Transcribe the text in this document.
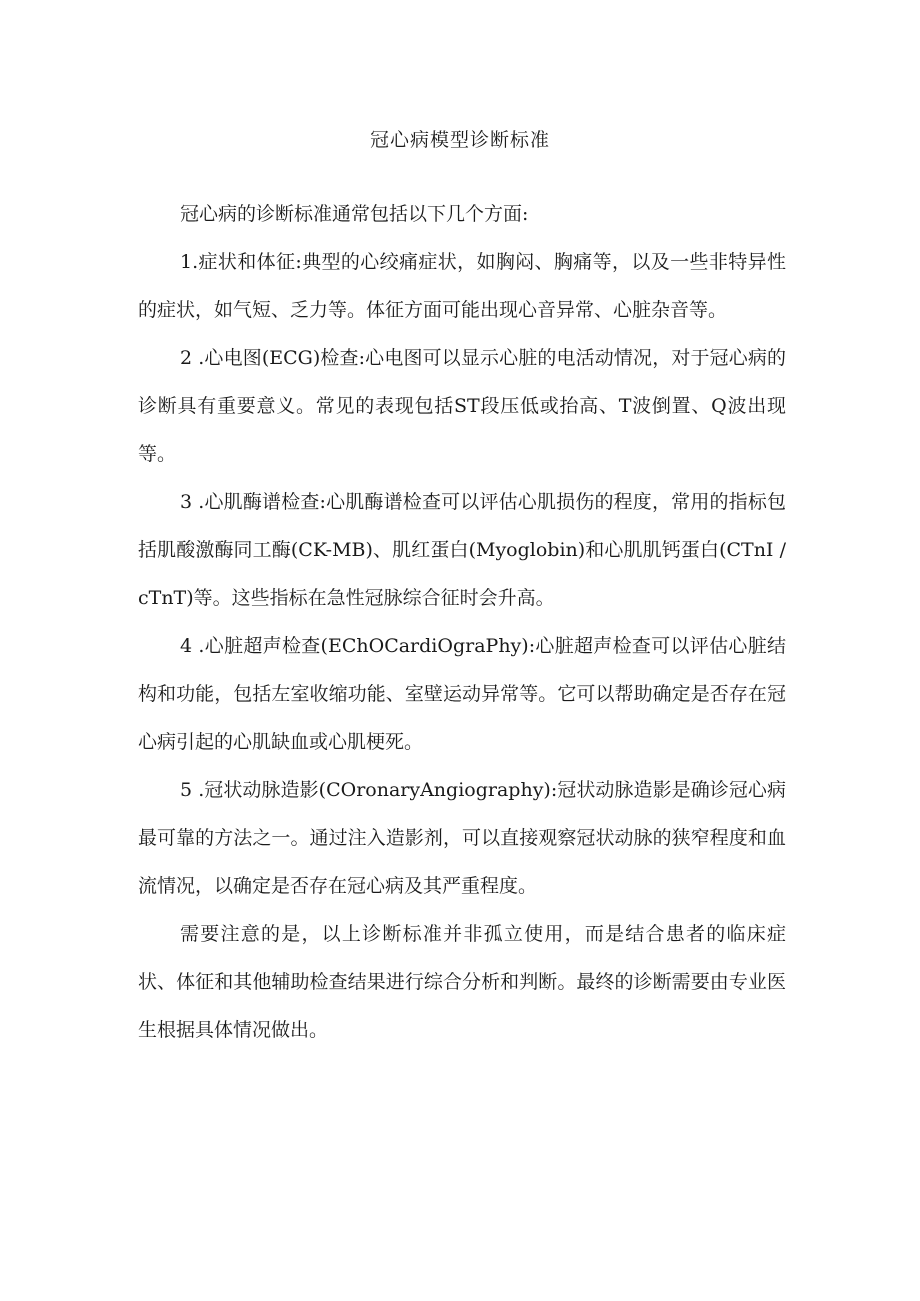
冠心病模型诊断标准

冠心病的诊断标准通常包括以下几个方面:

1.症状和体征:典型的心绞痛症状，如胸闷、胸痛等，以及一些非特异性的症状，如气短、乏力等。体征方面可能出现心音异常、心脏杂音等。

2 .心电图(ECG)检查:心电图可以显示心脏的电活动情况，对于冠心病的诊断具有重要意义。常见的表现包括ST段压低或抬高、T波倒置、Q波出现等。

3 .心肌酶谱检查:心肌酶谱检查可以评估心肌损伤的程度，常用的指标包括肌酸激酶同工酶(CK-MB)、肌红蛋白(Myoglobin)和心肌肌钙蛋白(CTnI / cTnT)等。这些指标在急性冠脉综合征时会升高。

4 .心脏超声检查(EChOCardiOgraPhy):心脏超声检查可以评估心脏结构和功能，包括左室收缩功能、室壁运动异常等。它可以帮助确定是否存在冠心病引起的心肌缺血或心肌梗死。

5 .冠状动脉造影(COronaryAngiography):冠状动脉造影是确诊冠心病最可靠的方法之一。通过注入造影剂，可以直接观察冠状动脉的狭窄程度和血流情况，以确定是否存在冠心病及其严重程度。

需要注意的是，以上诊断标准并非孤立使用，而是结合患者的临床症状、体征和其他辅助检查结果进行综合分析和判断。最终的诊断需要由专业医生根据具体情况做出。
